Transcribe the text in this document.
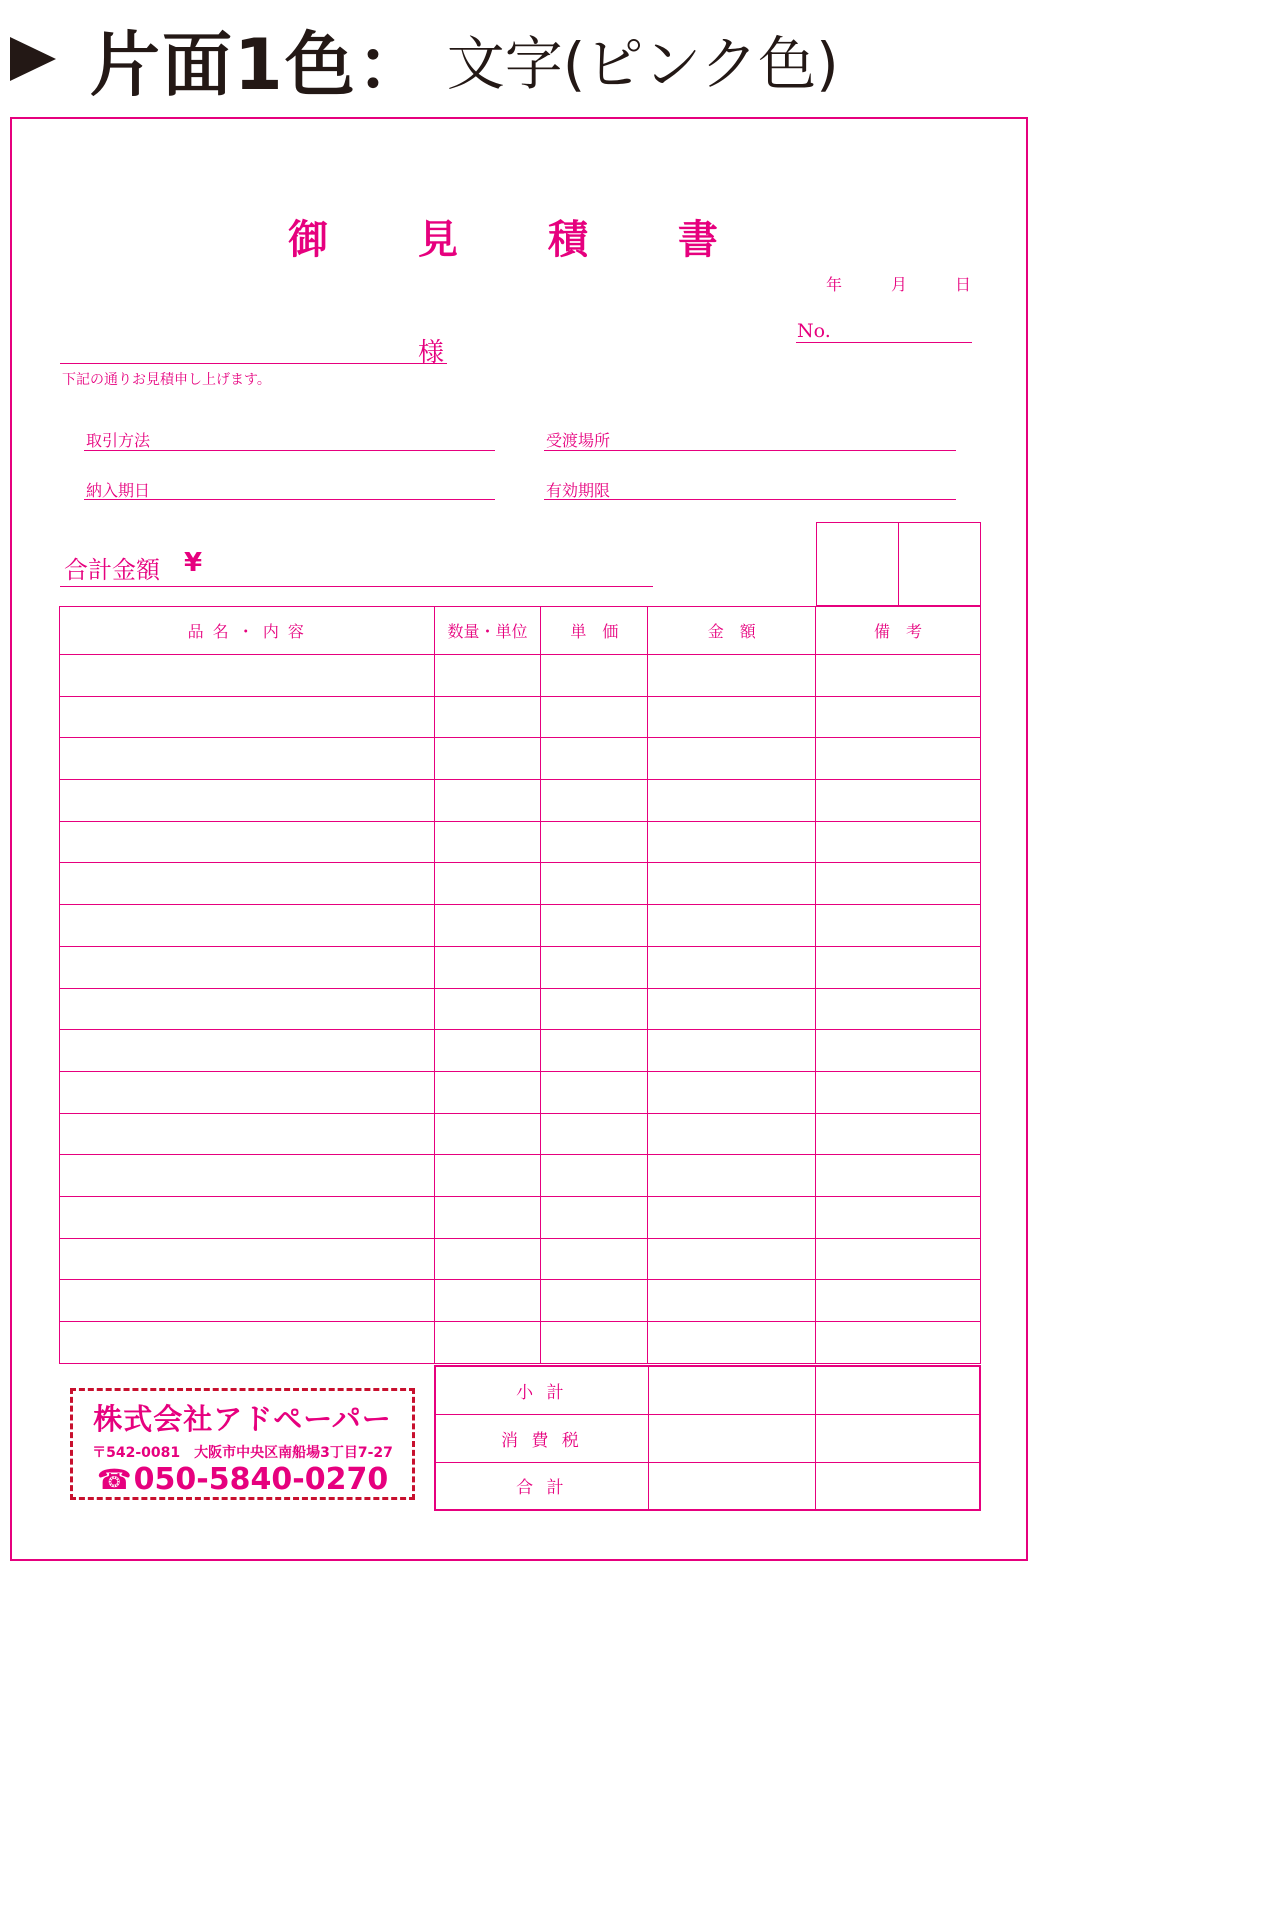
片面1色： 文字(ピンク色)
御 見 積 書
年	月	日
No.
様
下記の通りお見積申し上げます。
取引方法	受渡場所
納入期日	有効期限
合計金額 ¥

品 名 ・ 内 容	数量・単位	単　価	金　額	備　考

小 計		
消 費 税		
合 計		
株式会社アドペーパー
〒542-0081　大阪市中央区南船場3丁目7-27
☎ 050-5840-0270
